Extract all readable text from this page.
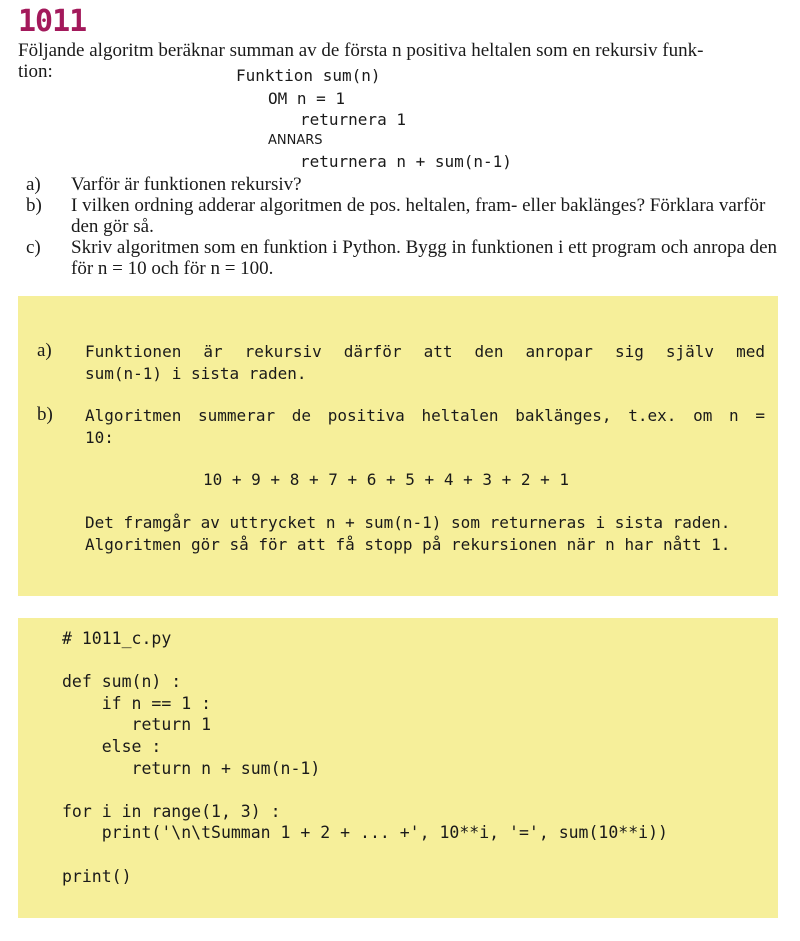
1011
Följande algoritm beräknar summan av de första n positiva heltalen som en rekursiv funk-
tion:	Funktion sum(n)
OM n = 1
returnera 1
ANNARS
returnera n + sum(n-1)
a) Varför är funktionen rekursiv?
b) I vilken ordning adderar algoritmen de pos. heltalen, fram- eller baklänges? Förklara varför den gör så.
c) Skriv algoritmen som en funktion i Python. Bygg in funktionen i ett program och anropa den för n = 10 och för n = 100.
a) Funktionen är rekursiv därför att den anropar sig själv med
sum(n-1) i sista raden.
b) Algoritmen summerar de positiva heltalen baklänges, t.ex. om n =
10:
10 + 9 + 8 + 7 + 6 + 5 + 4 + 3 + 2 + 1
Det framgår av uttrycket n + sum(n-1) som returneras i sista raden.
Algoritmen gör så för att få stopp på rekursionen när n har nått 1.
# 1011_c.py

def sum(n) :
if n == 1 :
return 1
else :
return n + sum(n-1)

for i in range(1, 3) :
print('\n\tSumman 1 + 2 + ... +', 10**i, '=', sum(10**i))

print()
